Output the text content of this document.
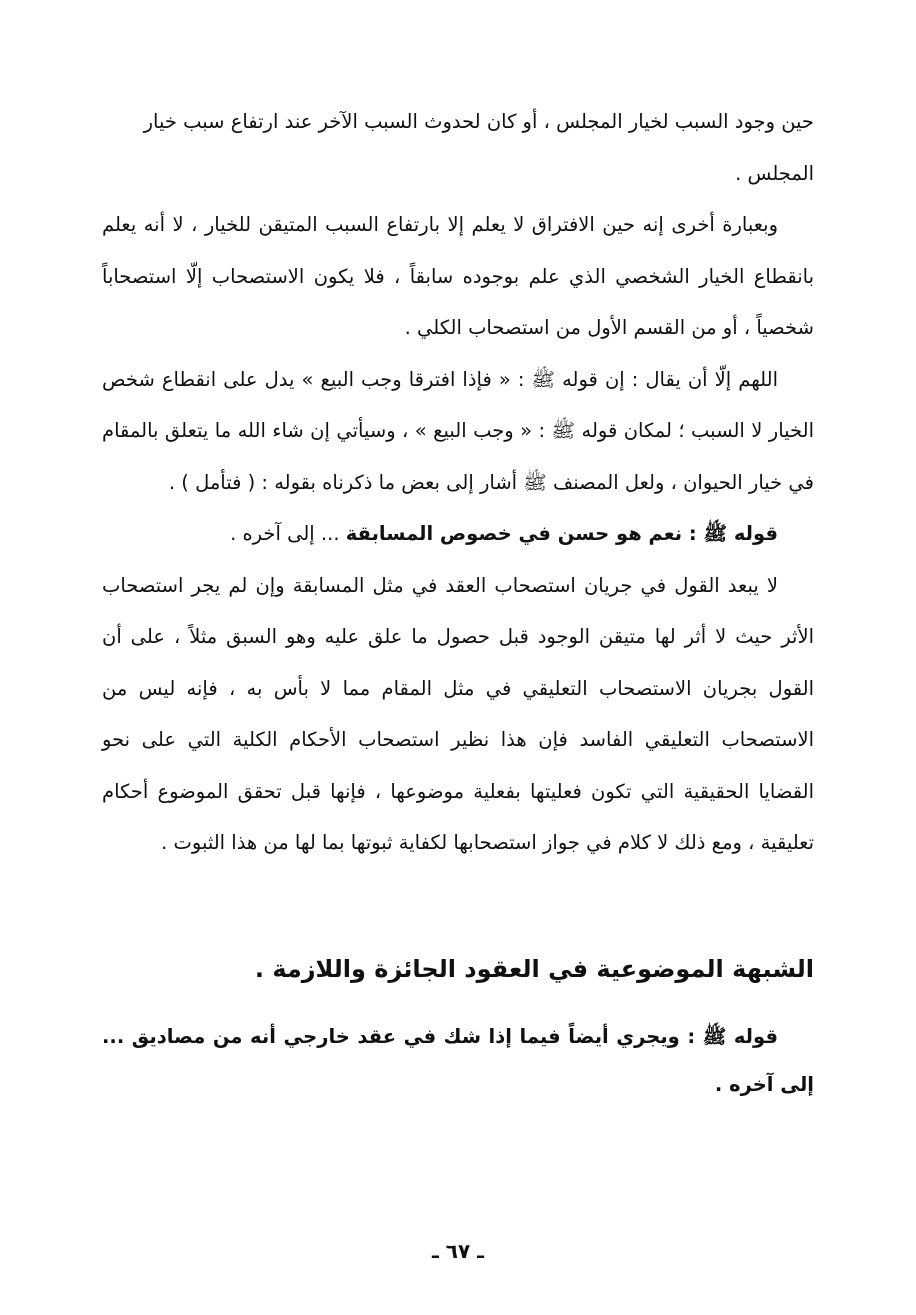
حين وجود السبب لخيار المجلس ، أو كان لحدوث السبب الآخر عند ارتفاع سبب خيار المجلس .

وبعبارة أخرى إنه حين الافتراق لا يعلم إلا بارتفاع السبب المتيقن للخيار ، لا أنه يعلم بانقطاع الخيار الشخصي الذي علم بوجوده سابقاً ، فلا يكون الاستصحاب إلّا استصحاباً شخصياً ، أو من القسم الأول من استصحاب الكلي .

اللهم إلّا أن يقال : إن قوله ﷺ : « فإذا افترقا وجب البيع » يدل على انقطاع شخص الخيار لا السبب ؛ لمكان قوله ﷺ : « وجب البيع » ، وسيأتي إن شاء الله ما يتعلق بالمقام في خيار الحيوان ، ولعل المصنف ﷺ أشار إلى بعض ما ذكرناه بقوله : ( فتأمل ) .

قوله ﷺ : نعم هو حسن في خصوص المسابقة ... إلى آخره .

لا يبعد القول في جريان استصحاب العقد في مثل المسابقة وإن لم يجر استصحاب الأثر حيث لا أثر لها متيقن الوجود قبل حصول ما علق عليه وهو السبق مثلاً ، على أن القول بجريان الاستصحاب التعليقي في مثل المقام مما لا بأس به ، فإنه ليس من الاستصحاب التعليقي الفاسد فإن هذا نظير استصحاب الأحكام الكلية التي على نحو القضايا الحقيقية التي تكون فعليتها بفعلية موضوعها ، فإنها قبل تحقق الموضوع أحكام تعليقية ، ومع ذلك لا كلام في جواز استصحابها لكفاية ثبوتها بما لها من هذا الثبوت .

الشبهة الموضوعية في العقود الجائزة واللازمة .

قوله ﷺ : ويجري أيضاً فيما إذا شك في عقد خارجي أنه من مصاديق ... إلى آخره .

ـ ٦٧ ـ
